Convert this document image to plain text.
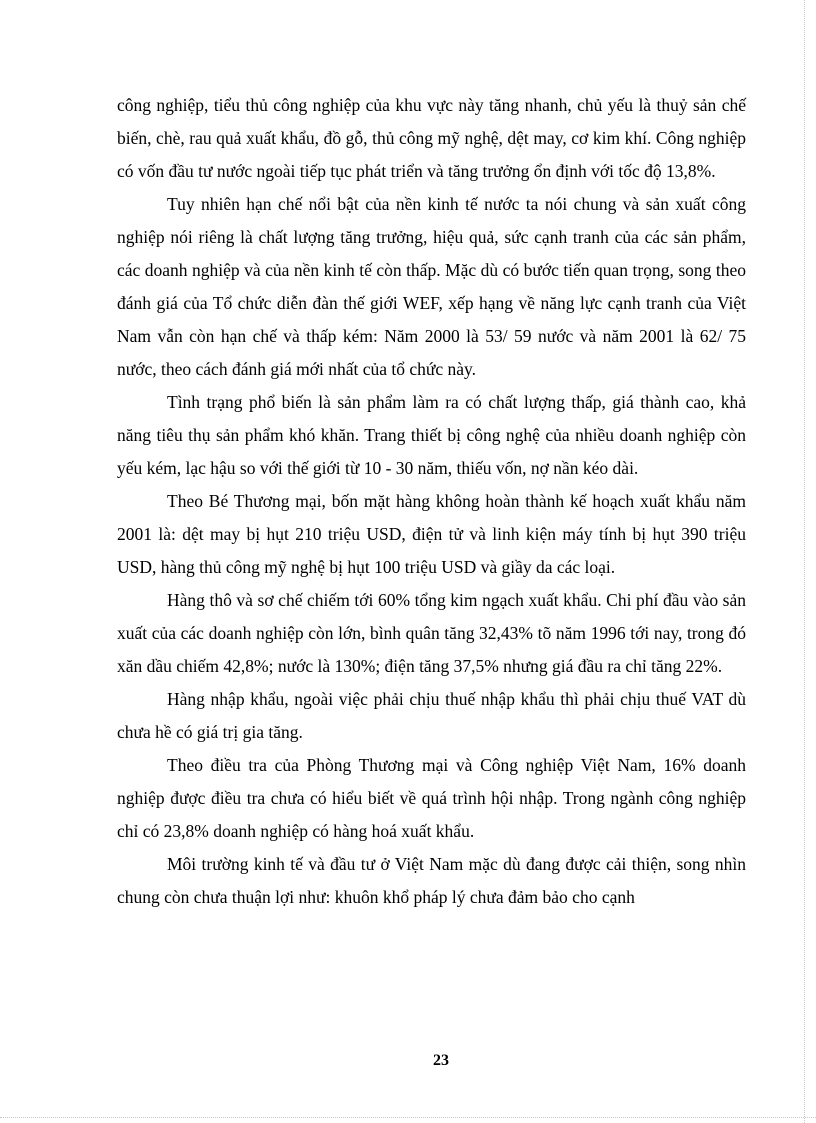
công nghiệp, tiểu thủ công nghiệp của khu vực này tăng nhanh, chủ yếu là thuỷ sản chế biến, chè, rau quả xuất khẩu, đồ gỗ, thủ công mỹ nghệ, dệt may, cơ kim khí. Công nghiệp có vốn đầu tư nước ngoài tiếp tục phát triển và tăng trưởng ổn định với tốc độ 13,8%.

Tuy nhiên hạn chế nổi bật của nền kinh tế nước ta nói chung và sản xuất công nghiệp nói riêng là chất lượng tăng trưởng, hiệu quả, sức cạnh tranh của các sản phẩm, các doanh nghiệp và của nền kinh tế còn thấp. Mặc dù có bước tiến quan trọng, song theo đánh giá của Tổ chức diễn đàn thế giới WEF, xếp hạng về năng lực cạnh tranh của Việt Nam vẫn còn hạn chế và thấp kém: Năm 2000 là 53/ 59 nước và năm 2001 là 62/ 75 nước, theo cách đánh giá mới nhất của tổ chức này.

Tình trạng phổ biến là sản phẩm làm ra có chất lượng thấp, giá thành cao, khả năng tiêu thụ sản phẩm khó khăn. Trang thiết bị công nghệ của nhiều doanh nghiệp còn yếu kém, lạc hậu so với thế giới từ 10 - 30 năm, thiếu vốn, nợ nần kéo dài.

Theo Bé Thương mại, bốn mặt hàng không hoàn thành kế hoạch xuất khẩu năm 2001 là: dệt may bị hụt 210 triệu USD, điện tử và linh kiện máy tính bị hụt 390 triệu USD, hàng thủ công mỹ nghệ bị hụt 100 triệu USD và giầy da các loại.

Hàng thô và sơ chế chiếm tới 60% tổng kim ngạch xuất khẩu. Chi phí đầu vào sản xuất của các doanh nghiệp còn lớn, bình quân tăng 32,43% tõ năm 1996 tới nay, trong đó xăn dầu chiếm 42,8%; nước là 130%; điện tăng 37,5% nhưng giá đầu ra chỉ tăng 22%.

Hàng nhập khẩu, ngoài việc phải chịu thuế nhập khẩu thì phải chịu thuế VAT dù chưa hề có giá trị gia tăng.

Theo điều tra của Phòng Thương mại và Công nghiệp Việt Nam, 16% doanh nghiệp được điều tra chưa có hiểu biết về quá trình hội nhập. Trong ngành công nghiệp chỉ có 23,8% doanh nghiệp có hàng hoá xuất khẩu.

Môi trường kinh tế và đầu tư ở Việt Nam mặc dù đang được cải thiện, song nhìn chung còn chưa thuận lợi như: khuôn khổ pháp lý chưa đảm bảo cho cạnh

23
